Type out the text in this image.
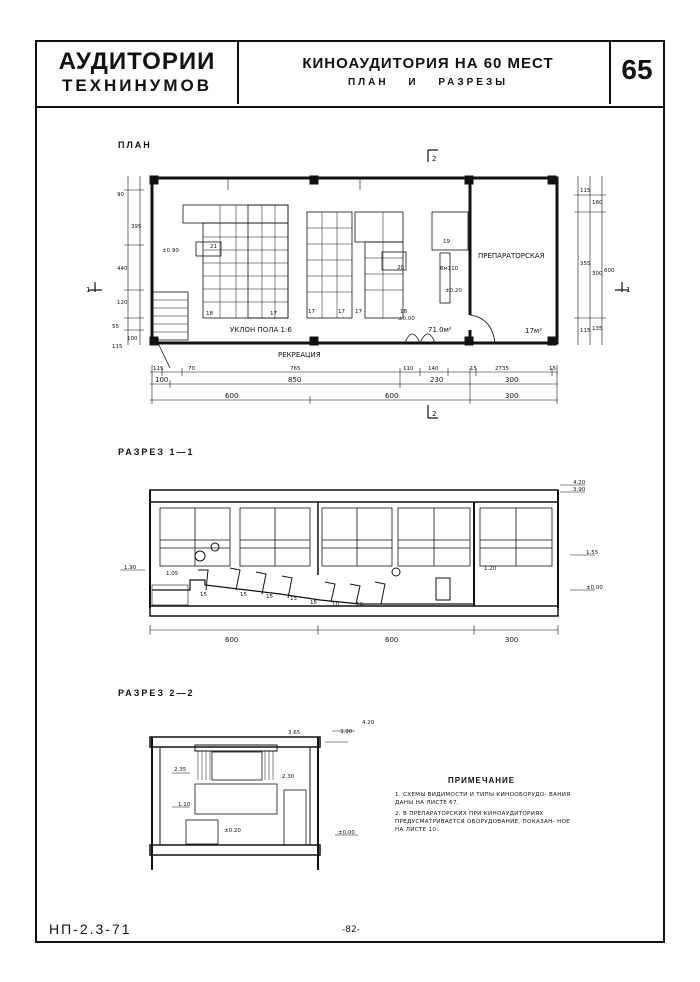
АУДИТОРИИ
ТЕХНИНУМОВ
КИНОАУДИТОРИЯ НА 60 МЕСТ
ПЛАН И РАЗРЕЗЫ	65
НП-2.3-71	-82-
ПЛАН
РАЗРЕЗ 1—1
РАЗРЕЗ 2—2
ПРИМЕЧАНИЕ
1. СХЕМЫ ВИДИМОСТИ И ТИПЫ КИНООБОРУДО- ВАНИЯ ДАНЫ НА ЛИСТЕ 67.
2. В ПРЕПАРАТОРСКИХ ПРИ КИНОАУДИТОРИЯХ ПРЕДУСМАТРИВАЕТСЯ ОБОРУДОВАНИЕ, ПОКАЗАН- НОЕ НА ЛИСТЕ 10.
ПРЕПАРАТОРСКАЯ
УКЛОН ПОЛА 1:6
РЕКРЕАЦИЯ
71.0м²	17м²
±0.90
±0.20
±0.00
6м110
18	17	17	17 17	18
19
20
21
115	70	765	110	140	15	2735	15
100	850	230	300
600	600	300
90
395
440
120
55
100
115
115
160
355
300 600
115 135
1	1
2
2
4.20
3.90
1.55
±0.00
1.90
1.05
1.20
600	600	300
15	15	15	15
15	10	10
3.65	3.90
4.20
2.35
2.30
1.10
±0.20	±0.00
